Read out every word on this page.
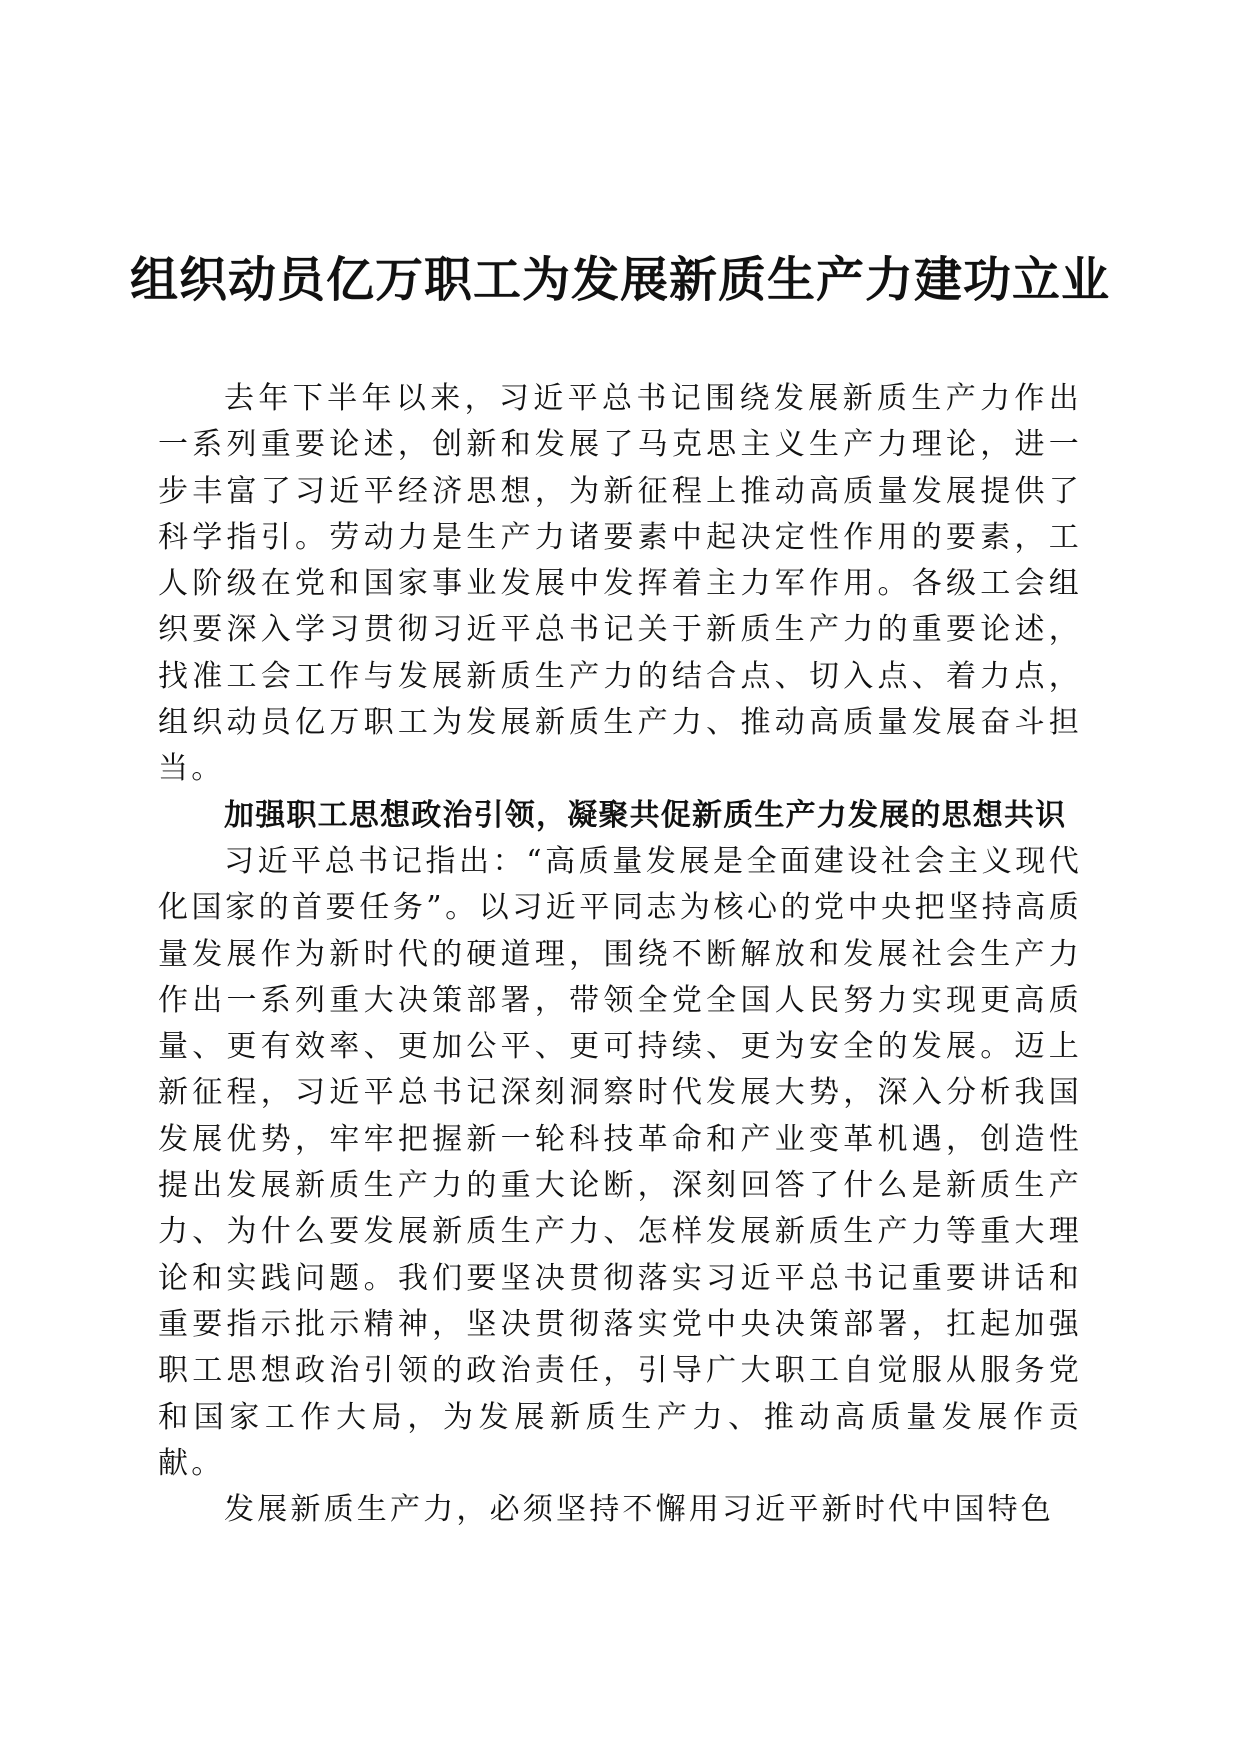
组织动员亿万职工为发展新质生产力建功立业

去年下半年以来，习近平总书记围绕发展新质生产力作出一系列重要论述，创新和发展了马克思主义生产力理论，进一步丰富了习近平经济思想，为新征程上推动高质量发展提供了科学指引。劳动力是生产力诸要素中起决定性作用的要素，工人阶级在党和国家事业发展中发挥着主力军作用。各级工会组织要深入学习贯彻习近平总书记关于新质生产力的重要论述，找准工会工作与发展新质生产力的结合点、切入点、着力点，组织动员亿万职工为发展新质生产力、推动高质量发展奋斗担当。

加强职工思想政治引领，凝聚共促新质生产力发展的思想共识

习近平总书记指出：“高质量发展是全面建设社会主义现代化国家的首要任务”。以习近平同志为核心的党中央把坚持高质量发展作为新时代的硬道理，围绕不断解放和发展社会生产力作出一系列重大决策部署，带领全党全国人民努力实现更高质量、更有效率、更加公平、更可持续、更为安全的发展。迈上新征程，习近平总书记深刻洞察时代发展大势，深入分析我国发展优势，牢牢把握新一轮科技革命和产业变革机遇，创造性提出发展新质生产力的重大论断，深刻回答了什么是新质生产力、为什么要发展新质生产力、怎样发展新质生产力等重大理论和实践问题。我们要坚决贯彻落实习近平总书记重要讲话和重要指示批示精神，坚决贯彻落实党中央决策部署，扛起加强职工思想政治引领的政治责任，引导广大职工自觉服从服务党和国家工作大局，为发展新质生产力、推动高质量发展作贡献。

发展新质生产力，必须坚持不懈用习近平新时代中国特色
